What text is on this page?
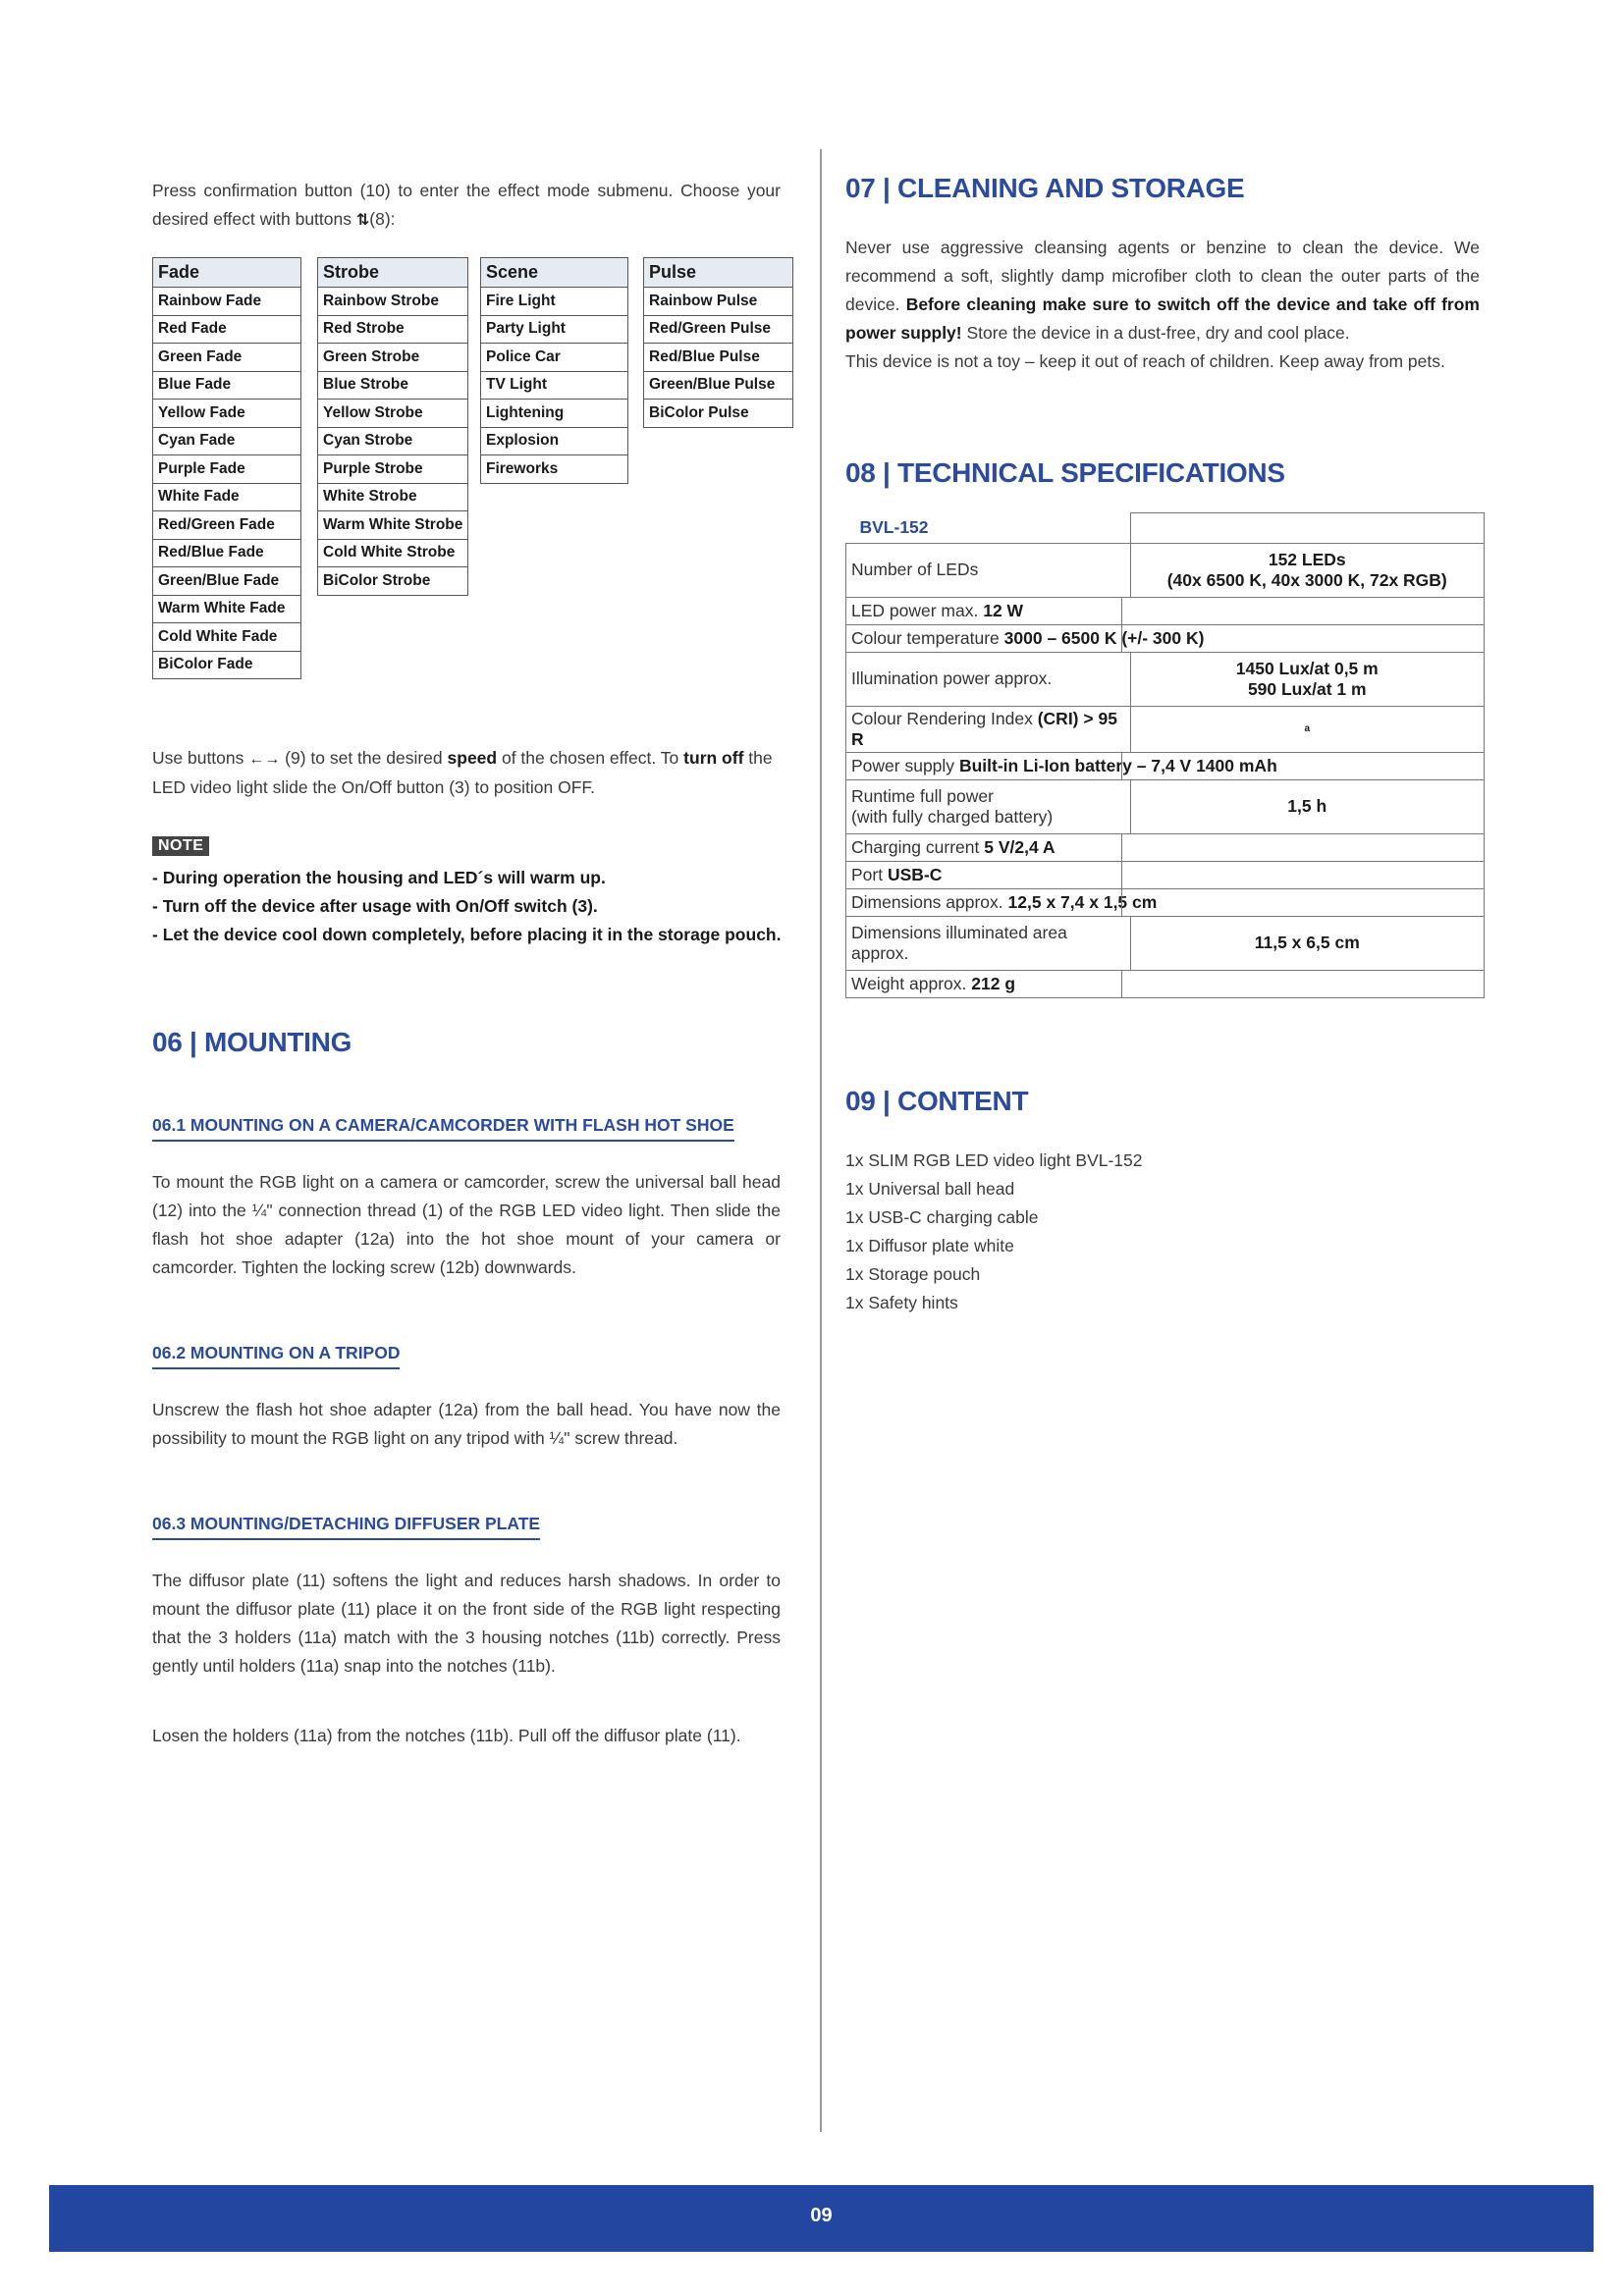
Press confirmation button (10) to enter the effect mode submenu. Choose your desired effect with buttons ⇅(8):

Fade
Rainbow Fade
Red Fade
Green Fade
Blue Fade
Yellow Fade
Cyan Fade
Purple Fade
White Fade
Red/Green Fade
Red/Blue Fade
Green/Blue Fade
Warm White Fade
Cold White Fade
BiColor Fade
Strobe
Rainbow Strobe
Red Strobe
Green Strobe
Blue Strobe
Yellow Strobe
Cyan Strobe
Purple Strobe
White Strobe
Warm White Strobe
Cold White Strobe
BiColor Strobe
Scene
Fire Light
Party Light
Police Car
TV Light
Lightening
Explosion
Fireworks
Pulse
Rainbow Pulse
Red/Green Pulse
Red/Blue Pulse
Green/Blue Pulse
BiColor Pulse

Use buttons ←→ (9) to set the desired speed of the chosen effect. To turn off the LED video light slide the On/Off button (3) to position OFF.

NOTE
- During operation the housing and LED´s will warm up.
- Turn off the device after usage with On/Off switch (3).
- Let the device cool down completely, before placing it in the storage pouch.
06 | MOUNTING
06.1 MOUNTING ON A CAMERA/CAMCORDER WITH FLASH HOT SHOE

To mount the RGB light on a camera or camcorder, screw the universal ball head (12) into the ¼" connection thread (1) of the RGB LED video light. Then slide the flash hot shoe adapter (12a) into the hot shoe mount of your camera or camcorder. Tighten the locking screw (12b) downwards.

06.2 MOUNTING ON A TRIPOD

Unscrew the flash hot shoe adapter (12a) from the ball head. You have now the possibility to mount the RGB light on any tripod with ¼" screw thread.

06.3 MOUNTING/DETACHING DIFFUSER PLATE

The diffusor plate (11) softens the light and reduces harsh shadows. In order to mount the diffusor plate (11) place it on the front side of the RGB light respecting that the 3 holders (11a) match with the 3 housing notches (11b) correctly. Press gently until holders (11a) snap into the notches (11b).

Losen the holders (11a) from the notches (11b). Pull off the diffusor plate (11).

07 | CLEANING AND STORAGE

Never use aggressive cleansing agents or benzine to clean the device. We recommend a soft, slightly damp microfiber cloth to clean the outer parts of the device. Before cleaning make sure to switch off the device and take off from power supply! Store the device in a dust-free, dry and cool place.

This device is not a toy – keep it out of reach of children. Keep away from pets.

08 | TECHNICAL SPECIFICATIONS
BVL-152	
Number of LEDs	152 LEDs
(40x 6500 K, 40x 3000 K, 72x RGB)
LED power max. 12 W	

Colour temperature 3000 – 6500 K (+/- 300 K)	

Illumination power approx.	1450 Lux/at 0,5 m
590 Lux/at 1 m
Colour Rendering Index (CRI) > 95 R	a
Power supply Built-in Li-Ion battery – 7,4 V 1400 mAh	

Runtime full power
(with fully charged battery)	1,5 h
Charging current 5 V/2,4 A	

Port USB-C	

Dimensions approx. 12,5 x 7,4 x 1,5 cm	

Dimensions illuminated area
approx.	11,5 x 6,5 cm
Weight approx. 212 g	
09 | CONTENT

1x SLIM RGB LED video light BVL-152

1x Universal ball head

1x USB-C charging cable

1x Diffusor plate white

1x Storage pouch

1x Safety hints

09
